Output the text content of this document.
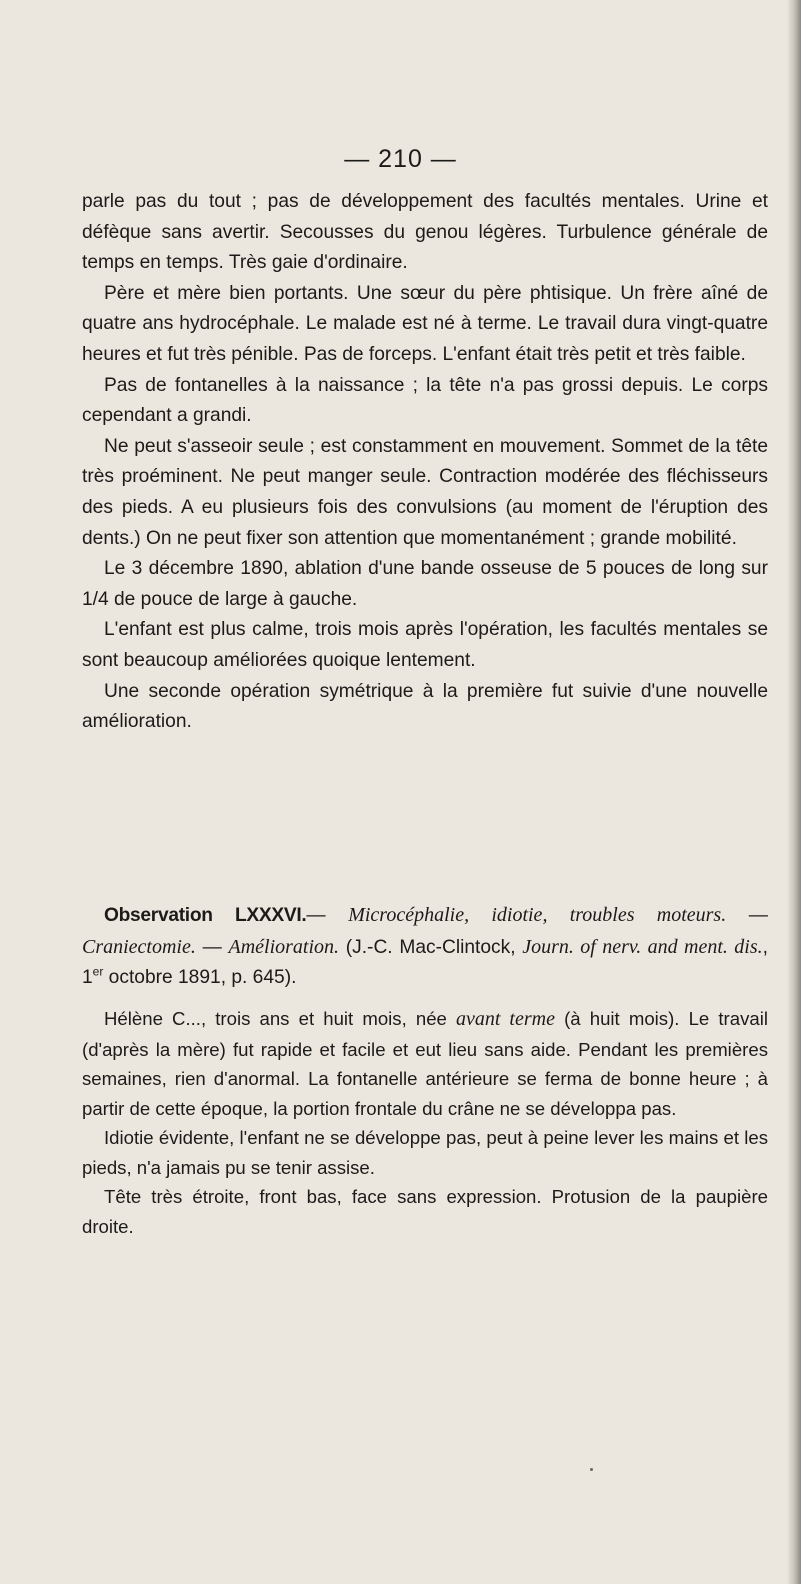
— 210 —

parle pas du tout ; pas de développement des facultés mentales. Urine et défèque sans avertir. Secousses du genou légères. Turbulence générale de temps en temps. Très gaie d'ordinaire.

Père et mère bien portants. Une sœur du père phtisique. Un frère aîné de quatre ans hydrocéphale. Le malade est né à terme. Le travail dura vingt-quatre heures et fut très pénible. Pas de forceps. L'enfant était très petit et très faible.

Pas de fontanelles à la naissance ; la tête n'a pas grossi depuis. Le corps cependant a grandi.

Ne peut s'asseoir seule ; est constamment en mouvement. Sommet de la tête très proéminent. Ne peut manger seule. Contraction modérée des fléchisseurs des pieds. A eu plusieurs fois des convulsions (au moment de l'éruption des dents.) On ne peut fixer son attention que momentanément ; grande mobilité.

Le 3 décembre 1890, ablation d'une bande osseuse de 5 pouces de long sur 1/4 de pouce de large à gauche.

L'enfant est plus calme, trois mois après l'opération, les facultés mentales se sont beaucoup améliorées quoique lentement.

Une seconde opération symétrique à la première fut suivie d'une nouvelle amélioration.

Observation LXXXVI.— Microcéphalie, idiotie, troubles moteurs. — Craniectomie. — Amélioration. (J.-C. Mac-Clintock, Journ. of nerv. and ment. dis., 1er octobre 1891, p. 645).

Hélène C..., trois ans et huit mois, née avant terme (à huit mois). Le travail (d'après la mère) fut rapide et facile et eut lieu sans aide. Pendant les premières semaines, rien d'anormal. La fontanelle antérieure se ferma de bonne heure ; à partir de cette époque, la portion frontale du crâne ne se développa pas.

Idiotie évidente, l'enfant ne se développe pas, peut à peine lever les mains et les pieds, n'a jamais pu se tenir assise.

Tête très étroite, front bas, face sans expression. Protusion de la paupière droite.
